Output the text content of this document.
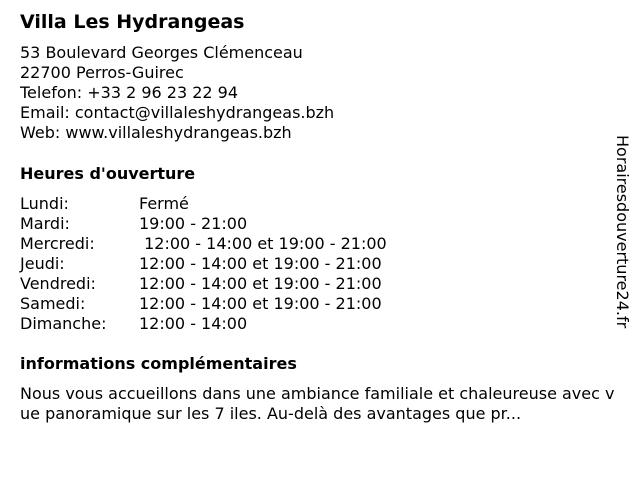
Villa Les Hydrangeas
53 Boulevard Georges Clémenceau
22700 Perros-Guirec
Telefon: +33 2 96 23 22 94
Email: contact@villaleshydrangeas.bzh
Web: www.villaleshydrangeas.bzh
Heures d'ouverture
Lundi:	Fermé
Mardi:	19:00 - 21:00
Mercredi:	12:00 - 14:00 et 19:00 - 21:00
Jeudi:	12:00 - 14:00 et 19:00 - 21:00
Vendredi:	12:00 - 14:00 et 19:00 - 21:00
Samedi:	12:00 - 14:00 et 19:00 - 21:00
Dimanche:	12:00 - 14:00
informations complémentaires
Nous vous accueillons dans une ambiance familiale et chaleureuse avec vue panoramique sur les 7 iles. Au-delà des avantages que pr...
Horairesdouverture24.fr
